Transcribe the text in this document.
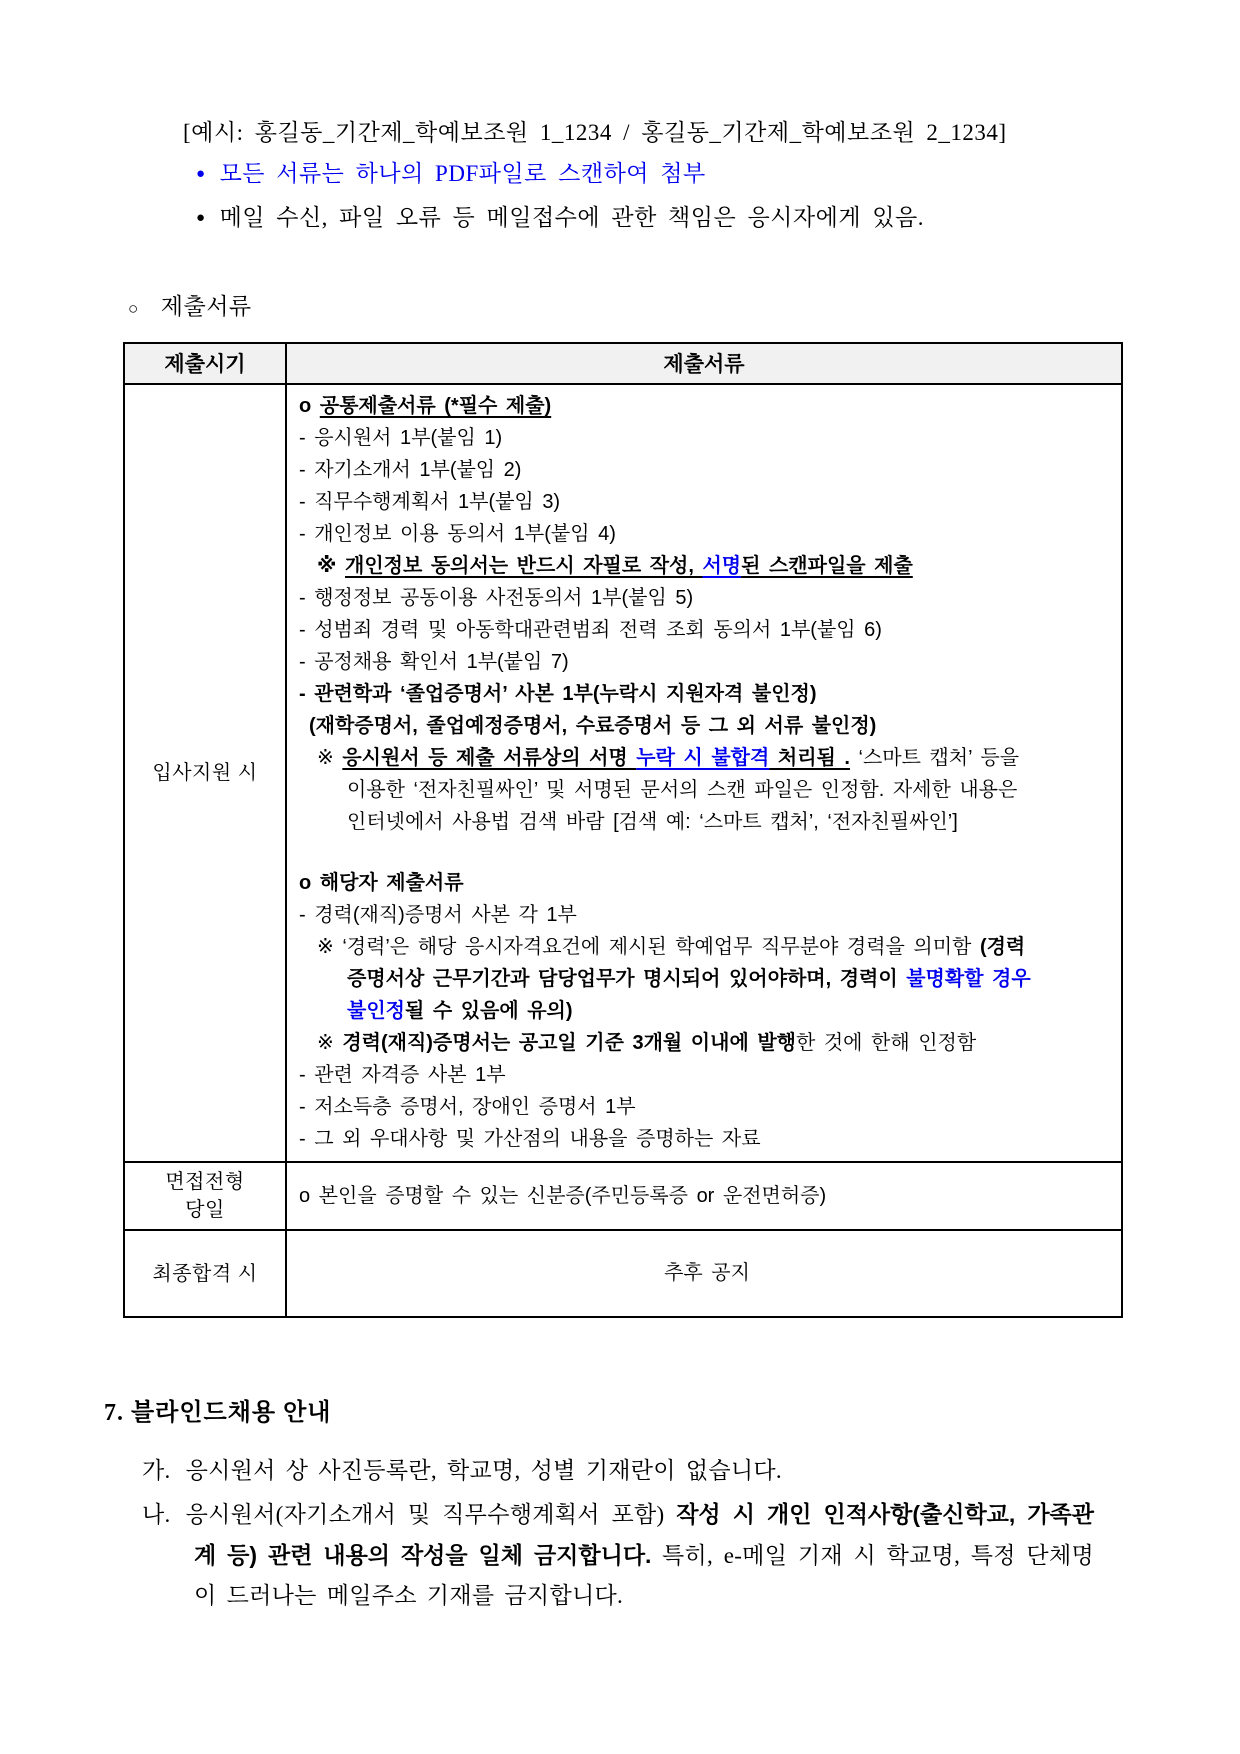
[예시: 홍길동_기간제_학예보조원 1_1234 / 홍길동_기간제_학예보조원 2_1234]
● 모든 서류는 하나의 PDF파일로 스캔하여 첨부
● 메일 수신, 파일 오류 등 메일접수에 관한 책임은 응시자에게 있음.
○ 제출서류
제출시기	제출서류
입사지원 시
o 공통제출서류 (*필수 제출)
- 응시원서 1부(붙임 1)
- 자기소개서 1부(붙임 2)
- 직무수행계획서 1부(붙임 3)
- 개인정보 이용 동의서 1부(붙임 4)
※ 개인정보 동의서는 반드시 자필로 작성, 서명된 스캔파일을 제출
- 행정정보 공동이용 사전동의서 1부(붙임 5)
- 성범죄 경력 및 아동학대관련범죄 전력 조회 동의서 1부(붙임 6)
- 공정채용 확인서 1부(붙임 7)
- 관련학과 ‘졸업증명서’ 사본 1부(누락시 지원자격 불인정)
(재학증명서, 졸업예정증명서, 수료증명서 등 그 외 서류 불인정)
※ 응시원서 등 제출 서류상의 서명 누락 시 불합격 처리됨 . ‘스마트 캡처’ 등을
이용한 ‘전자친필싸인’ 및 서명된 문서의 스캔 파일은 인정함. 자세한 내용은
인터넷에서 사용법 검색 바람 [검색 예: ‘스마트 캡처’, ‘전자친필싸인’]
o 해당자 제출서류
- 경력(재직)증명서 사본 각 1부
※ ‘경력’은 해당 응시자격요건에 제시된 학예업무 직무분야 경력을 의미함 (경력
증명서상 근무기간과 담당업무가 명시되어 있어야하며, 경력이 불명확할 경우
불인정될 수 있음에 유의)
※ 경력(재직)증명서는 공고일 기준 3개월 이내에 발행한 것에 한해 인정함
- 관련 자격증 사본 1부
- 저소득층 증명서, 장애인 증명서 1부
- 그 외 우대사항 및 가산점의 내용을 증명하는 자료
면접전형
당일
o 본인을 증명할 수 있는 신분증(주민등록증 or 운전면허증)
최종합격 시	추후 공지
7. 블라인드채용 안내
가. 응시원서 상 사진등록란, 학교명, 성별 기재란이 없습니다.
나. 응시원서(자기소개서 및 직무수행계획서 포함) 작성 시 개인 인적사항(출신학교, 가족관계 등) 관련 내용의 작성을 일체 금지합니다. 특히, e-메일 기재 시 학교명, 특정 단체명이 드러나는 메일주소 기재를 금지합니다.
